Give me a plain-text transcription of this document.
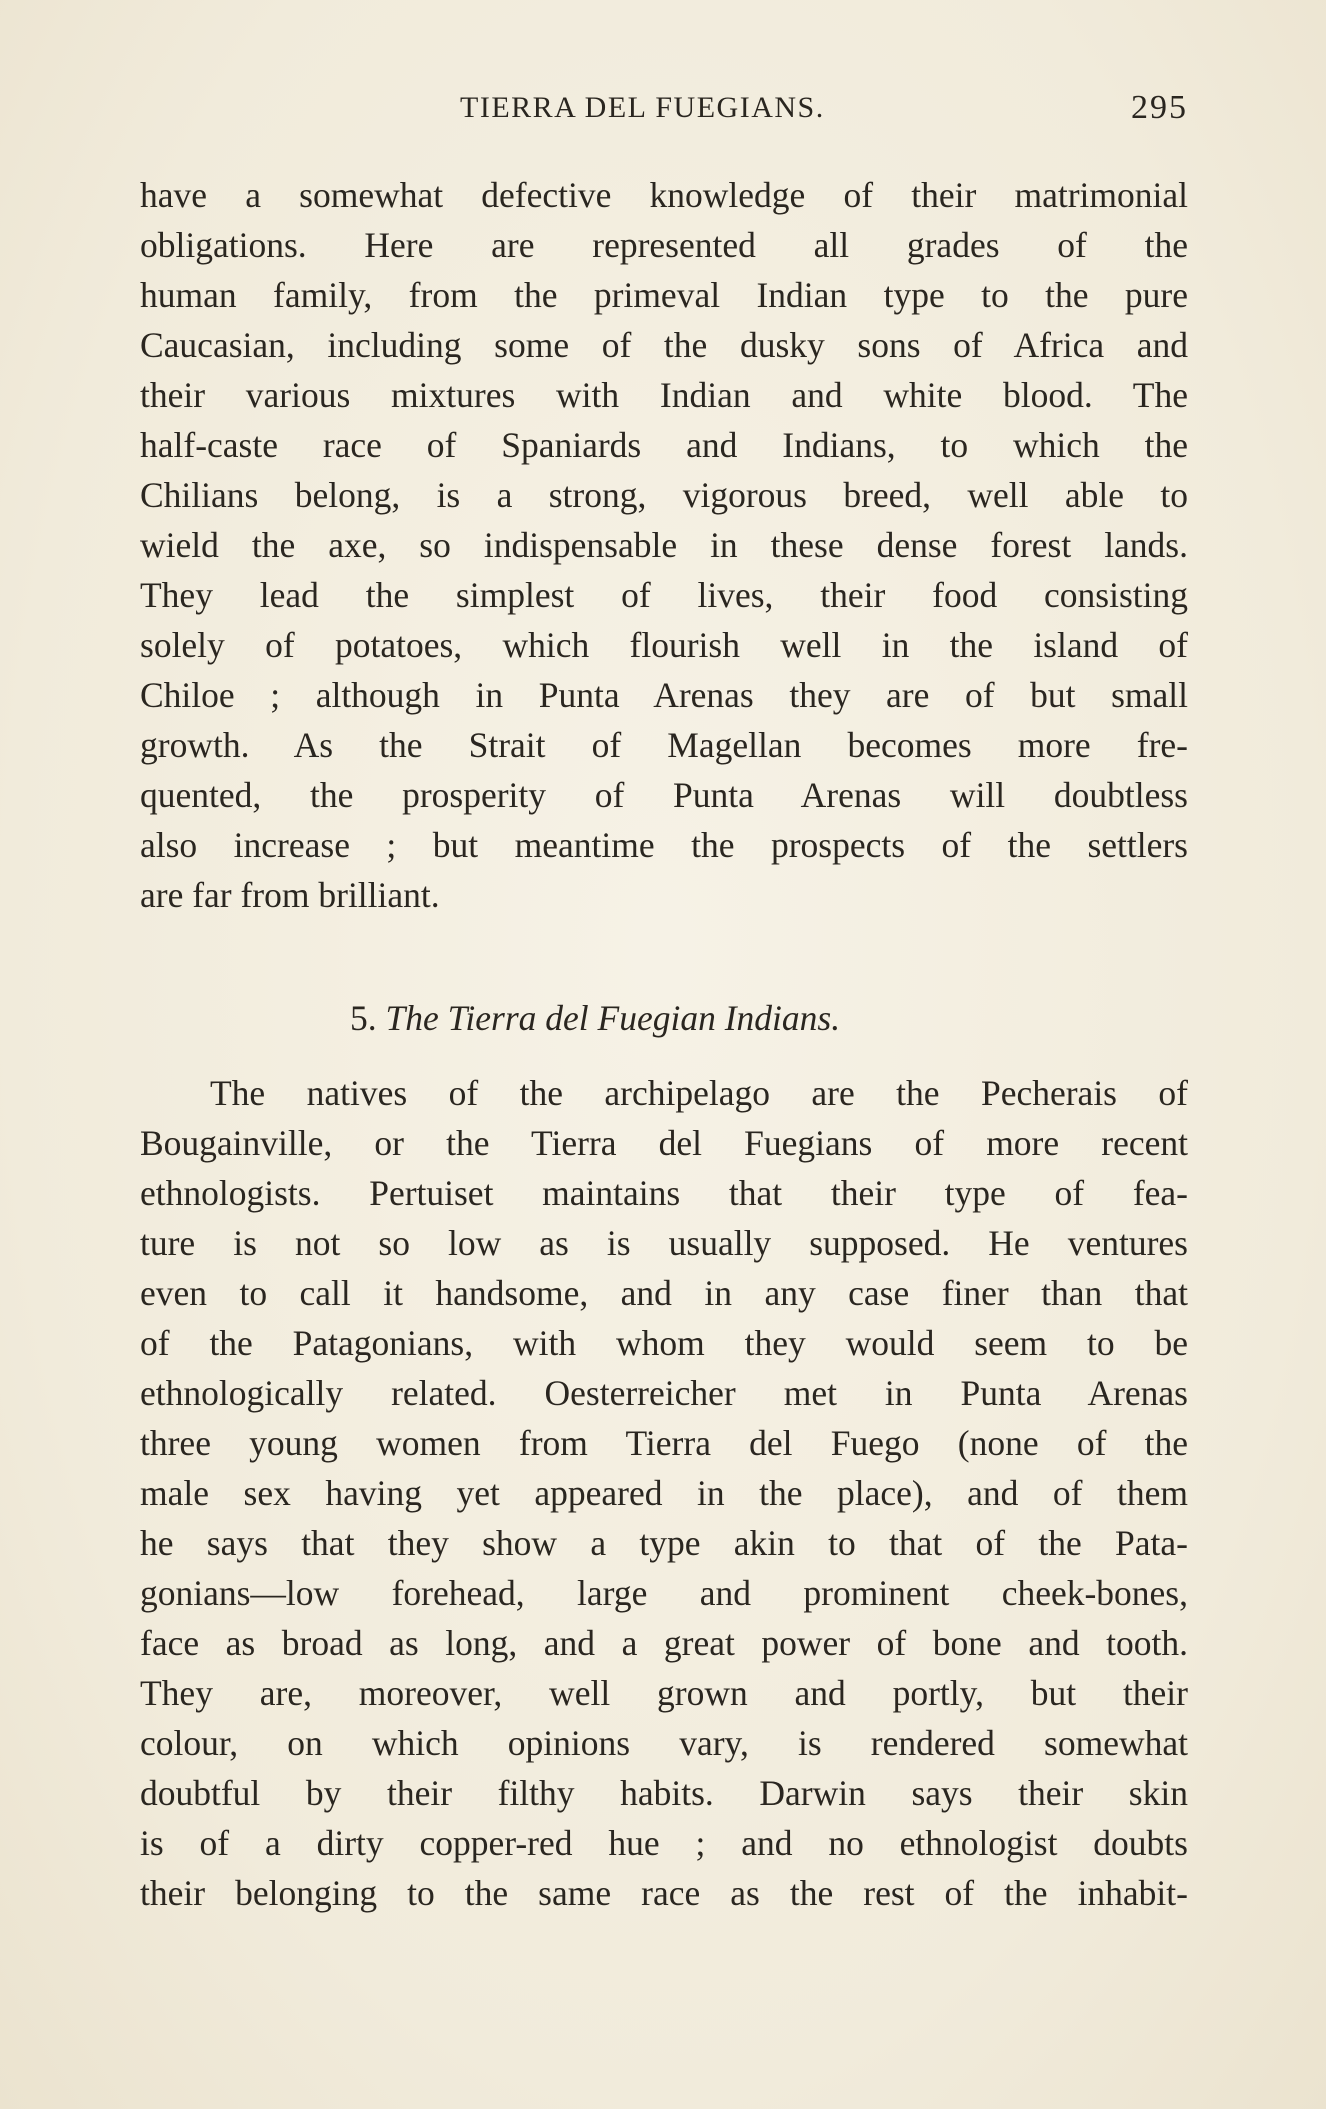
TIERRA DEL FUEGIANS.	295
have a somewhat defective knowledge of their matrimonial
obligations. Here are represented all grades of the
human family, from the primeval Indian type to the pure
Caucasian, including some of the dusky sons of Africa and
their various mixtures with Indian and white blood. The
half-caste race of Spaniards and Indians, to which the
Chilians belong, is a strong, vigorous breed, well able to
wield the axe, so indispensable in these dense forest lands.
They lead the simplest of lives, their food consisting
solely of potatoes, which flourish well in the island of
Chiloe ; although in Punta Arenas they are of but small
growth. As the Strait of Magellan becomes more fre-
quented, the prosperity of Punta Arenas will doubtless
also increase ; but meantime the prospects of the settlers
are far from brilliant.
5. The Tierra del Fuegian Indians.
The natives of the archipelago are the Pecherais of
Bougainville, or the Tierra del Fuegians of more recent
ethnologists. Pertuiset maintains that their type of fea-
ture is not so low as is usually supposed. He ventures
even to call it handsome, and in any case finer than that
of the Patagonians, with whom they would seem to be
ethnologically related. Oesterreicher met in Punta Arenas
three young women from Tierra del Fuego (none of the
male sex having yet appeared in the place), and of them
he says that they show a type akin to that of the Pata-
gonians—low forehead, large and prominent cheek-bones,
face as broad as long, and a great power of bone and tooth.
They are, moreover, well grown and portly, but their
colour, on which opinions vary, is rendered somewhat
doubtful by their filthy habits. Darwin says their skin
is of a dirty copper-red hue ; and no ethnologist doubts
their belonging to the same race as the rest of the inhabit-
